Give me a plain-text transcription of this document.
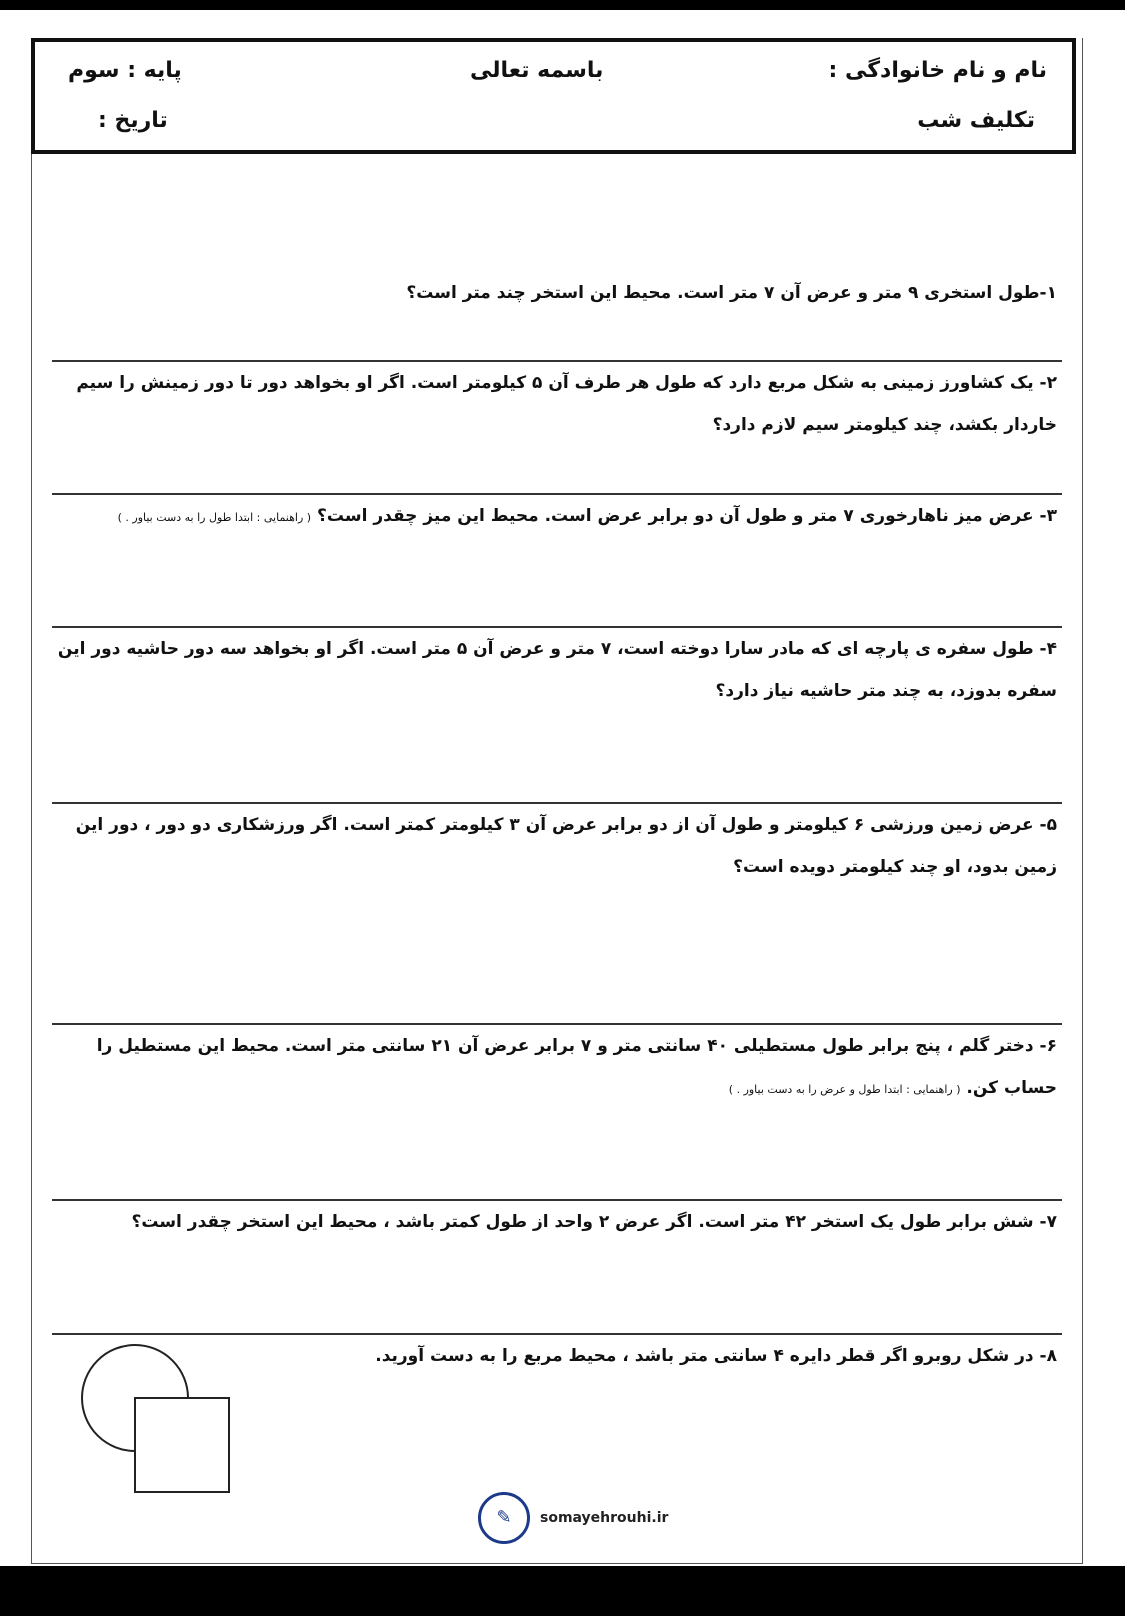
نام و نام خانوادگی :
باسمه تعالی
پایه : سوم
تکلیف شب
تاریخ :
۱-طول استخری ۹ متر و عرض آن ۷ متر است. محیط این استخر چند متر است؟
۲- یک کشاورز زمینی به شکل مربع دارد که طول هر طرف آن ۵ کیلومتر است. اگر او بخواهد دور تا دور زمینش را سیم خاردار بکشد، چند کیلومتر سیم لازم دارد؟
۳- عرض میز ناهارخوری ۷ متر و طول آن دو برابر عرض است. محیط این میز چقدر است؟ ( راهنمایی : ابتدا طول را به دست بیاور . )
۴- طول سفره ی پارچه ای که مادر سارا دوخته است، ۷ متر و عرض آن ۵ متر است. اگر او بخواهد سه دور حاشیه دور این سفره بدوزد، به چند متر حاشیه نیاز دارد؟
۵- عرض زمین ورزشی ۶ کیلومتر و طول آن از دو برابر عرض آن ۳ کیلومتر کمتر است. اگر ورزشکاری دو دور ، دور این زمین بدود، او چند کیلومتر دویده است؟
۶- دختر گلم ، پنج برابر طول مستطیلی ۴۰ سانتی متر و ۷ برابر عرض آن ۲۱ سانتی متر است. محیط این مستطیل را حساب کن. ( راهنمایی : ابتدا طول و عرض را به دست بیاور . )
۷- شش برابر طول یک استخر ۴۲ متر است. اگر عرض ۲ واحد از طول کمتر باشد ، محیط این استخر چقدر است؟
۸- در شکل روبرو اگر قطر دایره ۴ سانتی متر باشد ، محیط مربع را به دست آورید.
✎	somayehrouhi.ir
